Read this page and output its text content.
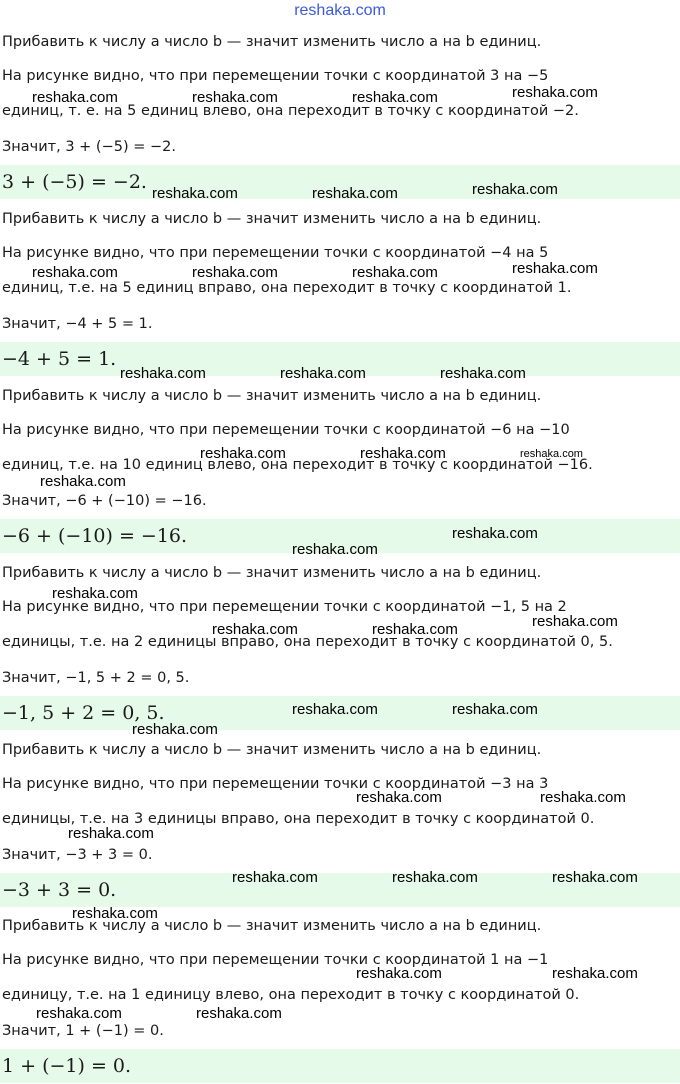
reshaka.com
Прибавить к числу a число b — значит изменить число a на b единиц.
На рисунке видно, что при перемещении точки с координатой 3 на −5
единиц, т. е. на 5 единиц влево, она переходит в точку с координатой −2.
Значит, 3 + (−5) = −2.
3 + (−5) = −2.
Прибавить к числу a число b — значит изменить число a на b единиц.
На рисунке видно, что при перемещении точки с координатой −4 на 5
единиц, т.е. на 5 единиц вправо, она переходит в точку с координатой 1.
Значит, −4 + 5 = 1.
−4 + 5 = 1.
Прибавить к числу a число b — значит изменить число a на b единиц.
На рисунке видно, что при перемещении точки с координатой −6 на −10
единиц, т.е. на 10 единиц влево, она переходит в точку с координатой −16.
Значит, −6 + (−10) = −16.
−6 + (−10) = −16.
Прибавить к числу a число b — значит изменить число a на b единиц.
На рисунке видно, что при перемещении точки с координатой −1, 5 на 2
единицы, т.е. на 2 единицы вправо, она переходит в точку с координатой 0, 5.
Значит, −1, 5 + 2 = 0, 5.
−1, 5 + 2 = 0, 5.
Прибавить к числу a число b — значит изменить число a на b единиц.
На рисунке видно, что при перемещении точки с координатой −3 на 3
единицы, т.е. на 3 единицы вправо, она переходит в точку с координатой 0.
Значит, −3 + 3 = 0.
−3 + 3 = 0.
Прибавить к числу a число b — значит изменить число a на b единиц.
На рисунке видно, что при перемещении точки с координатой 1 на −1
единицу, т.е. на 1 единицу влево, она переходит в точку с координатой 0.
Значит, 1 + (−1) = 0.
1 + (−1) = 0.
reshaka.com	reshaka.com	reshaka.com	reshaka.com
reshaka.com	reshaka.com	reshaka.com
reshaka.com	reshaka.com	reshaka.com	reshaka.com
reshaka.com	reshaka.com	reshaka.com
reshaka.com	reshaka.com	reshaka.com
reshaka.com
reshaka.com
reshaka.com
reshaka.com
reshaka.com
reshaka.com	reshaka.com
reshaka.com	reshaka.com
reshaka.com
reshaka.com	reshaka.com
reshaka.com
reshaka.com	reshaka.com	reshaka.com
reshaka.com
reshaka.com	reshaka.com
reshaka.com	reshaka.com
